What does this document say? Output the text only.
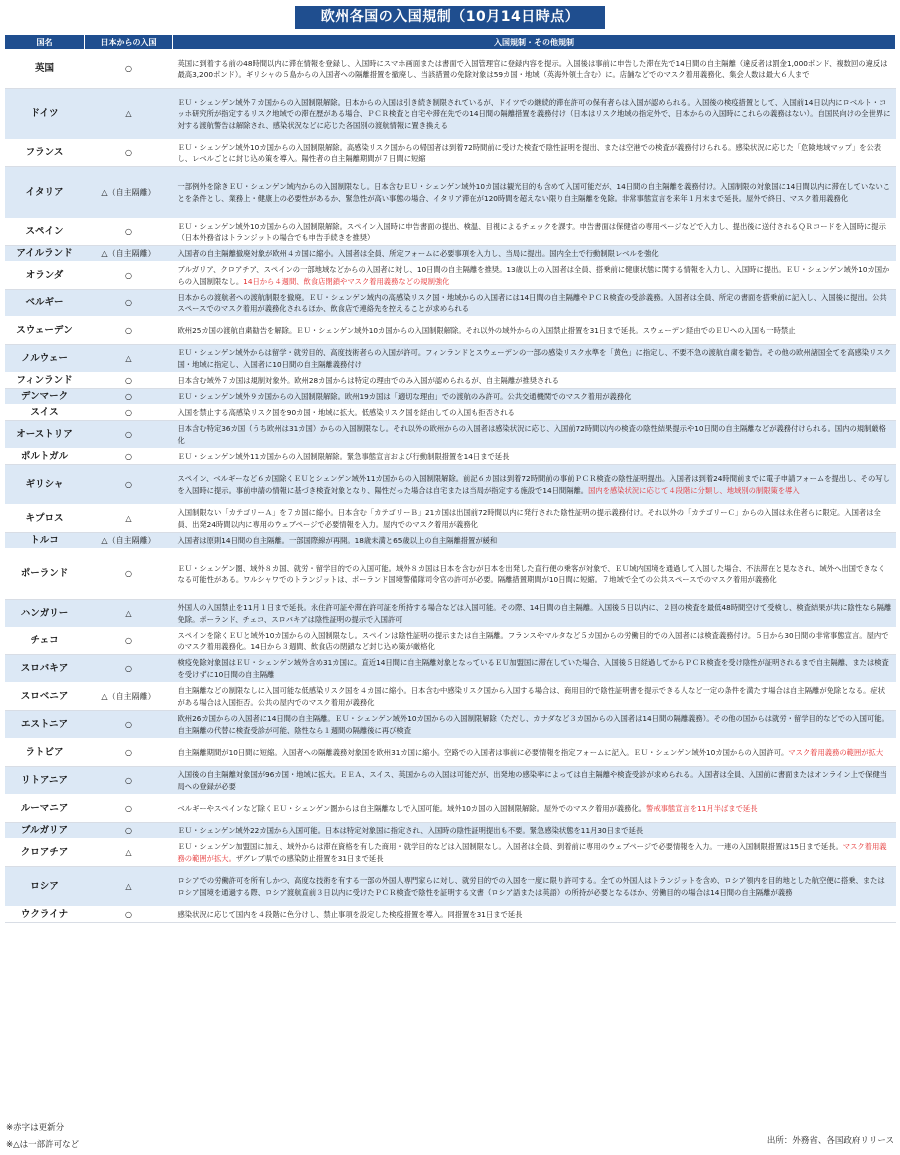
欧州各国の入国規制（10月14日時点）
国名	日本からの入国	入国規制・その他規制
英国	○	英国に到着する前の48時間以内に滞在情報を登録し、入国時にスマホ画面または書面で入国管理官に登録内容を提示。入国後は事前に申告した滞在先で14日間の自主隔離（違反者は罰金1,000ポンド、複数回の違反は最高3,200ポンド）。ギリシャの５島からの入国者への隔離措置を撤廃し、当該措置の免除対象は59カ国・地域（英海外領土含む）に。店舗などでのマスク着用義務化、集会人数は最大６人まで
ドイツ	△	ＥＵ・シェンゲン域外７カ国からの入国制限解除。日本からの入国は引き続き制限されているが、ドイツでの継続的滞在許可の保有者らは入国が認められる。入国後の検疫措置として、入国前14日以内にロベルト・コッホ研究所が指定するリスク地域での滞在歴がある場合、ＰＣＲ検査と自宅や滞在先での14日間の隔離措置を義務付け（日本はリスク地域の指定外で、日本からの入国時にこれらの義務はない）。自国民向けの全世界に対する渡航警告は解除され、感染状況などに応じた各国別の渡航情報に置き換える
フランス	○	ＥＵ・シェンゲン域外10カ国からの入国制限解除。高感染リスク国からの帰国者は到着72時間前に受けた検査で陰性証明を提出、または空港での検査が義務付けられる。感染状況に応じた「危険地域マップ」を公表し、レベルごとに封じ込め策を導入。陽性者の自主隔離期間が７日間に短縮
イタリア	△（自主隔離）	一部例外を除きＥＵ・シェンゲン域内からの入国制限なし。日本含むＥＵ・シェンゲン域外10カ国は観光目的も含めて入国可能だが、14日間の自主隔離を義務付け。入国制限の対象国に14日間以内に滞在していないことを条件とし、業務上・健康上の必要性があるか、緊急性が高い事態の場合、イタリア滞在が120時間を超えない限り自主隔離を免除。非常事態宣言を来年１月末まで延長。屋外で終日、マスク着用義務化
スペイン	○	ＥＵ・シェンゲン域外10カ国からの入国制限解除。スペイン入国時に申告書面の提出、検温、目視によるチェックを課す。申告書面は保健省の専用ページなどで入力し、提出後に送付されるＱＲコードを入国時に提示（日本外務省はトランジットの場合でも申告手続きを推奨）
アイルランド	△（自主隔離）	入国者の自主隔離撤廃対象が欧州４カ国に縮小。入国者は全員、所定フォームに必要事項を入力し、当局に提出。国内全土で行動制限レベルを強化
オランダ	○	ブルガリア、クロアチア、スペインの一部地域などからの入国者に対し、10日間の自主隔離を推奨。13歳以上の入国者は全員、搭乗前に健康状態に関する情報を入力し、入国時に提出。ＥＵ・シェンゲン域外10カ国からの入国制限なし。14日から４週間、飲食店閉鎖やマスク着用義務などの規制強化
ベルギー	○	日本からの渡航者への渡航制限を撤廃。ＥＵ・シェンゲン域内の高感染リスク国・地域からの入国者には14日間の自主隔離やＰＣＲ検査の受診義務。入国者は全員、所定の書面を搭乗前に記入し、入国後に提出。公共スペースでのマスク着用が義務化されるほか、飲食店で連絡先を控えることが求められる
スウェーデン	○	欧州25カ国の渡航自粛勧告を解除。ＥＵ・シェンゲン域外10カ国からの入国制限解除。それ以外の域外からの入国禁止措置を31日まで延長。スウェーデン経由でのＥＵへの入国も一時禁止
ノルウェー	△	ＥＵ・シェンゲン域外からは留学・就労目的、高度技術者らの入国が許可。フィンランドとスウェーデンの一部の感染リスク水準を「黄色」に指定し、不要不急の渡航自粛を勧告。その他の欧州諸国全てを高感染リスク国・地域に指定し、入国者に10日間の自主隔離義務付け
フィンランド	○	日本含む域外７カ国は規制対象外。欧州28カ国からは特定の理由でのみ入国が認められるが、自主隔離が推奨される
デンマーク	○	ＥＵ・シェンゲン域外９カ国からの入国制限解除。欧州19カ国は「適切な理由」での渡航のみ許可。公共交通機関でのマスク着用が義務化
スイス	○	入国を禁止する高感染リスク国を90カ国・地域に拡大。低感染リスク国を経由しての入国も拒否される
オーストリア	○	日本含む特定36カ国（うち欧州は31カ国）からの入国制限なし。それ以外の欧州からの入国者は感染状況に応じ、入国前72時間以内の検査の陰性結果提示や10日間の自主隔離などが義務付けられる。国内の規制厳格化
ポルトガル	○	ＥＵ・シェンゲン域外11カ国からの入国制限解除。緊急事態宣言および行動制限措置を14日まで延長
ギリシャ	○	スペイン、ベルギーなど６カ国除くＥＵとシェンゲン域外11カ国からの入国制限解除。前記６カ国は到着72時間前の事前ＰＣＲ検査の陰性証明提出。入国者は到着24時間前までに電子申請フォームを提出し、その写しを入国時に提示。事前申請の情報に基づき検査対象となり、陽性だった場合は自宅または当局が指定する施設で14日間隔離。国内を感染状況に応じて４段階に分類し、地域別の制限策を導入
キプロス	△	入国制限ない「カテゴリーＡ」を７カ国に縮小。日本含む「カテゴリーＢ」21カ国は出国前72時間以内に発行された陰性証明の提示義務付け。それ以外の「カテゴリーＣ」からの入国は永住者らに限定。入国者は全員、出発24時間以内に専用のウェブページで必要情報を入力。屋内でのマスク着用が義務化
トルコ	△（自主隔離）	入国者は原則14日間の自主隔離。一部国際線が再開。18歳未満と65歳以上の自主隔離措置が緩和
ポーランド	○	ＥＵ・シェンゲン圏、域外８カ国、就労・留学目的での入国可能。域外８カ国は日本を含むが日本を出発した直行便の乗客が対象で、ＥＵ域内国境を通過して入国した場合、不法滞在と見なされ、域外へ出国できなくなる可能性がある。ワルシャワでのトランジットは、ポーランド国境警備隊司令官の許可が必要。隔離措置期間が10日間に短縮。７地域で全ての公共スペースでのマスク着用が義務化
ハンガリー	△	外国人の入国禁止を11月１日まで延長。永住許可証や滞在許可証を所持する場合などは入国可能。その際、14日間の自主隔離。入国後５日以内に、２回の検査を最低48時間空けて受検し、検査結果が共に陰性なら隔離免除。ポーランド、チェコ、スロバキアは陰性証明の提示で入国許可
チェコ	○	スペインを除くＥＵと域外10カ国からの入国制限なし。スペインは陰性証明の提示または自主隔離。フランスやマルタなど５カ国からの労働目的での入国者には検査義務付け。５日から30日間の非常事態宣言。屋内でのマスク着用義務化。14日から３週間、飲食店の閉鎖など封じ込め策が厳格化
スロバキア	○	検疫免除対象国はＥＵ・シェンゲン域外含め31カ国に。直近14日間に自主隔離対象となっているＥＵ加盟国に滞在していた場合、入国後５日経過してからＰＣＲ検査を受け陰性が証明されるまで自主隔離、または検査を受けずに10日間の自主隔離
スロベニア	△（自主隔離）	自主隔離などの制限なしに入国可能な低感染リスク国を４カ国に縮小。日本含む中感染リスク国から入国する場合は、商用目的で陰性証明書を提示できる人など一定の条件を満たす場合は自主隔離が免除となる。症状がある場合は入国拒否。公共の屋内でのマスク着用が義務化
エストニア	○	欧州26カ国からの入国者に14日間の自主隔離。ＥＵ・シェンゲン域外10カ国からの入国制限解除（ただし、カナダなど３カ国からの入国者は14日間の隔離義務）。その他の国からは就労・留学目的などでの入国可能。自主隔離の代替に検査受診が可能、陰性なら１週間の隔離後に再び検査
ラトビア	○	自主隔離期間が10日間に短縮。入国者への隔離義務対象国を欧州31カ国に縮小。空路での入国者は事前に必要情報を指定フォームに記入。ＥＵ・シェンゲン域外10カ国からの入国許可。マスク着用義務の範囲が拡大
リトアニア	○	入国後の自主隔離対象国が96カ国・地域に拡大。ＥＥＡ、スイス、英国からの入国は可能だが、出発地の感染率によっては自主隔離や検査受診が求められる。入国者は全員、入国前に書面またはオンライン上で保健当局への登録が必要
ルーマニア	○	ベルギーやスペインなど除くＥＵ・シェンゲン圏からは自主隔離なしで入国可能。域外10カ国の入国制限解除。屋外でのマスク着用が義務化。警戒事態宣言を11月半ばまで延長
ブルガリア	○	ＥＵ・シェンゲン域外22カ国から入国可能。日本は特定対象国に指定され、入国時の陰性証明提出も不要。緊急感染状態を11月30日まで延長
クロアチア	△	ＥＵ・シェンゲン加盟国に加え、域外からは滞在資格を有した商用・就学目的などは入国制限なし。入国者は全員、到着前に専用のウェブページで必要情報を入力。一連の入国制限措置は15日まで延長。マスク着用義務の範囲が拡大。ザグレブ県での感染防止措置を31日まで延長
ロシア	△	ロシアでの労働許可を所有しかつ、高度な技術を有する一部の外国人専門家らに対し、就労目的での入国を一度に限り許可する。全ての外国人はトランジットを含め、ロシア領内を目的地とした航空便に搭乗、またはロシア国境を通過する際、ロシア渡航直前３日以内に受けたＰＣＲ検査で陰性を証明する文書（ロシア語または英語）の所持が必要となるほか、労働目的の場合は14日間の自主隔離が義務
ウクライナ	○	感染状況に応じて国内を４段階に色分けし、禁止事項を設定した検疫措置を導入。同措置を31日まで延長
※赤字は更新分
※△は一部許可など	出所：外務省、各国政府リリース
